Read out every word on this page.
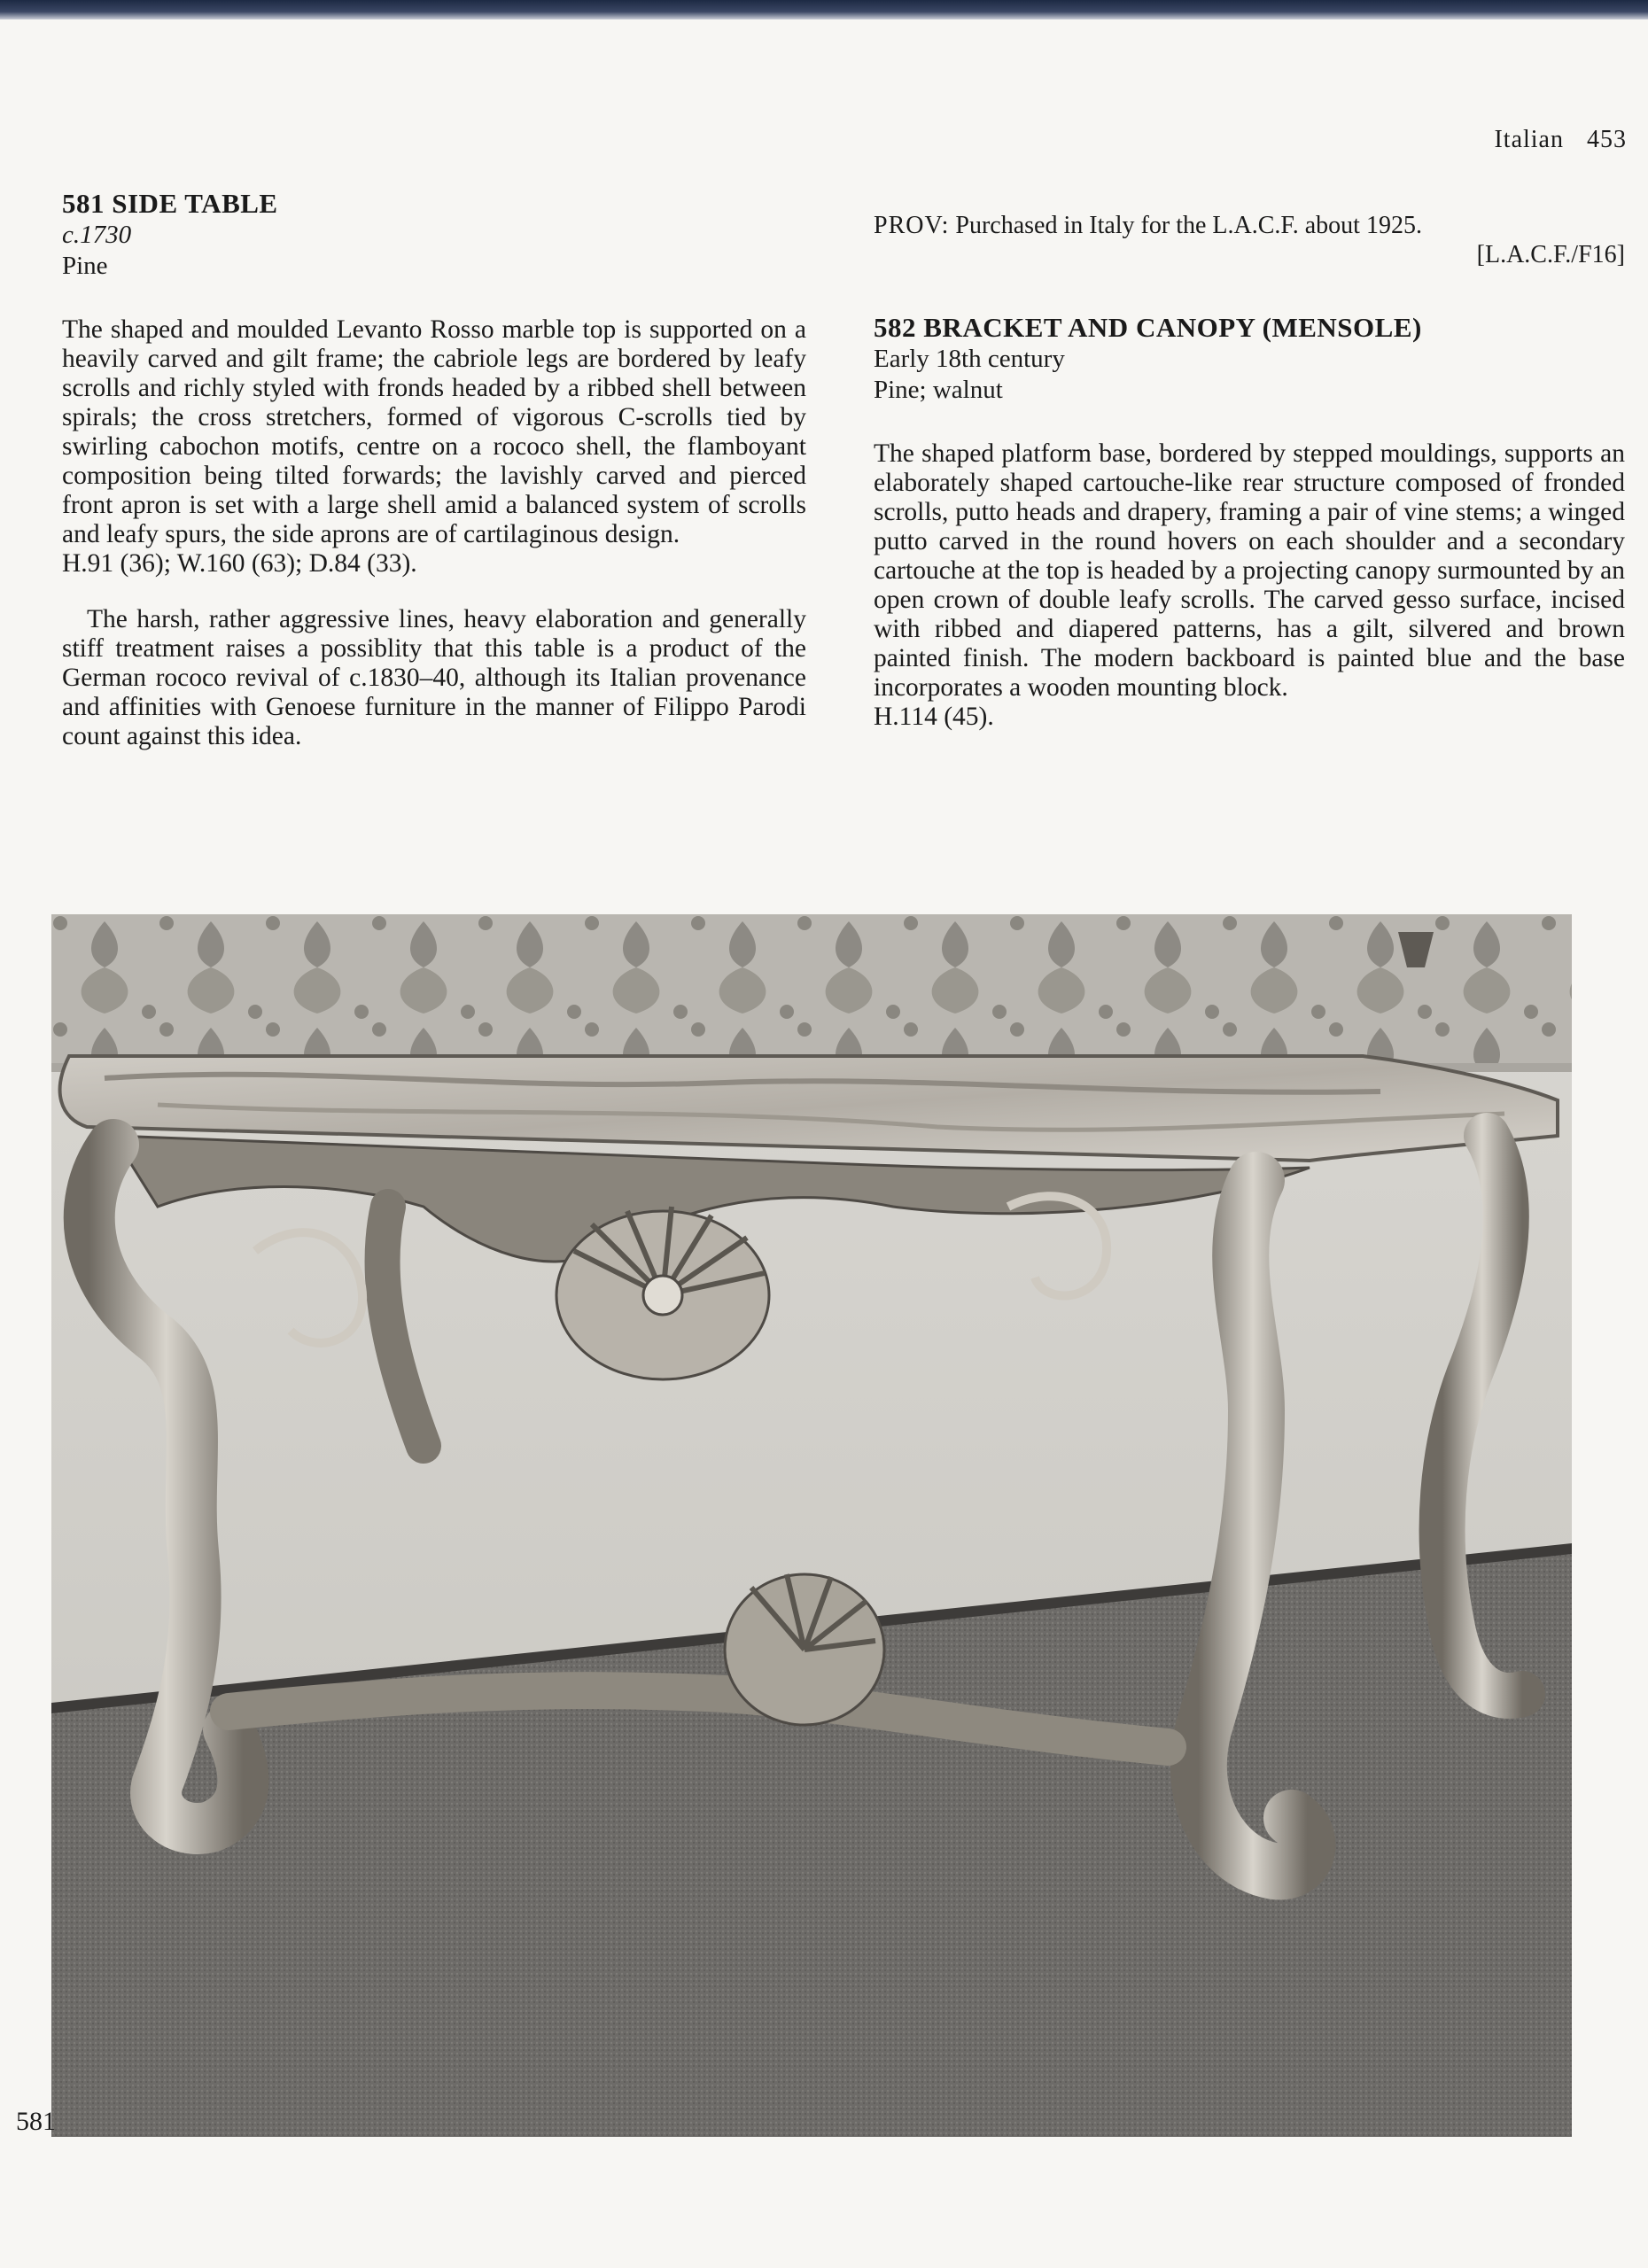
Italian 453

581 SIDE TABLE

c.1730

Pine

The shaped and moulded Levanto Rosso marble top is supported on a heavily carved and gilt frame; the cabriole legs are bordered by leafy scrolls and richly styled with fronds headed by a ribbed shell between spirals; the cross stretchers, formed of vigorous C-scrolls tied by swirling cabochon motifs, centre on a rococo shell, the flamboyant composition being tilted forwards; the lavishly carved and pierced front apron is set with a large shell amid a balanced system of scrolls and leafy spurs, the side aprons are of cartilaginous design.

H.91 (36); W.160 (63); D.84 (33).

The harsh, rather aggressive lines, heavy elaboration and generally stiff treatment raises a possiblity that this table is a product of the German rococo revival of c.1830–40, although its Italian provenance and affinities with Genoese furniture in the manner of Filippo Parodi count against this idea.

PROV: Purchased in Italy for the L.A.C.F. about 1925.

[L.A.C.F./F16]

582 BRACKET AND CANOPY (MENSOLE)

Early 18th century

Pine; walnut

The shaped platform base, bordered by stepped mouldings, supports an elaborately shaped cartouche-like rear structure composed of fronded scrolls, putto heads and drapery, framing a pair of vine stems; a winged putto carved in the round hovers on each shoulder and a secondary cartouche at the top is headed by a projecting canopy surmounted by an open crown of double leafy scrolls. The carved gesso surface, incised with ribbed and diapered patterns, has a gilt, silvered and brown painted finish. The modern backboard is painted blue and the base incorporates a wooden mounting block.

H.114 (45).

581
